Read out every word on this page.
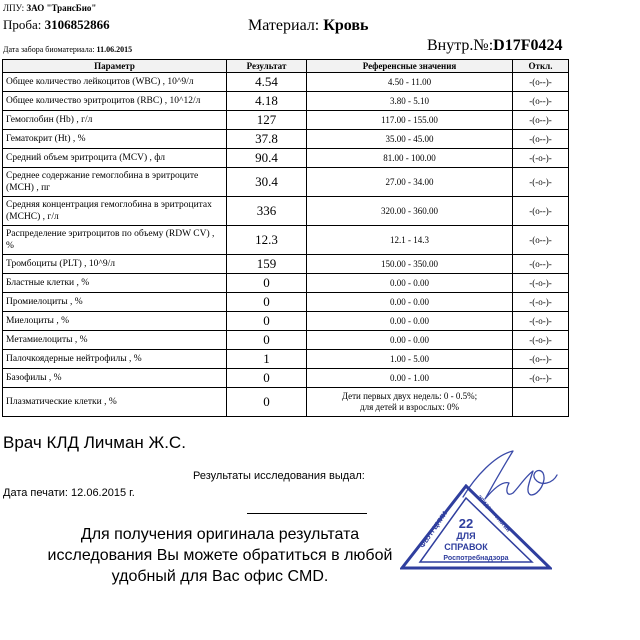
ЛПУ: ЗАО "ТрансБио"
Проба: 3106852866	Материал: Кровь
Дата забора биоматериала: 11.06.2015	Внутр.№:D17F0424
Параметр	Результат	Референсные значения	Откл.
Общее количество лейкоцитов (WBC) , 10^9/л	4.54	4.50 - 11.00	-(o--)-
Общее количество эритроцитов (RBC) , 10^12/л	4.18	3.80 - 5.10	-(o--)-
Гемоглобин (Hb) , г/л	127	117.00 - 155.00	-(o--)-
Гематокрит (Ht) , %	37.8	35.00 - 45.00	-(o--)-
Средний объем эритроцита (MCV) , фл	90.4	81.00 - 100.00	-(-o-)-
Среднее содержание гемоглобина в эритроците (MCH) , пг	30.4	27.00 - 34.00	-(-o-)-
Средняя концентрация гемоглобина в эритроцитах (MCHC) , г/л	336	320.00 - 360.00	-(o--)-
Распределение эритроцитов по объему (RDW CV) , %	12.3	12.1 - 14.3	-(o--)-
Тромбоциты (PLT) , 10^9/л	159	150.00 - 350.00	-(o--)-
Бластные клетки , %	0	0.00 - 0.00	-(-o-)-
Промиелоциты , %	0	0.00 - 0.00	-(-o-)-
Миелоциты , %	0	0.00 - 0.00	-(-o-)-
Метамиелоциты , %	0	0.00 - 0.00	-(-o-)-
Палочкоядерные нейтрофилы , %	1	1.00 - 5.00	-(o--)-
Базофилы , %	0	0.00 - 1.00	-(o--)-
Плазматические клетки , %	0	Дети первых двух недель: 0 - 0.5%;
для детей и взрослых: 0%	

Врач КЛД Личман Ж.С.
Результаты исследования выдал:
Дата печати: 12.06.2015 г.
Для получения оригинала результата
исследования Вы можете обратиться в любой
удобный для Вас офис CMD.
ФБУН ЦНИИ
эпидемиологии
22
ДЛЯ
СПРАВОК
Роспотребнадзора
